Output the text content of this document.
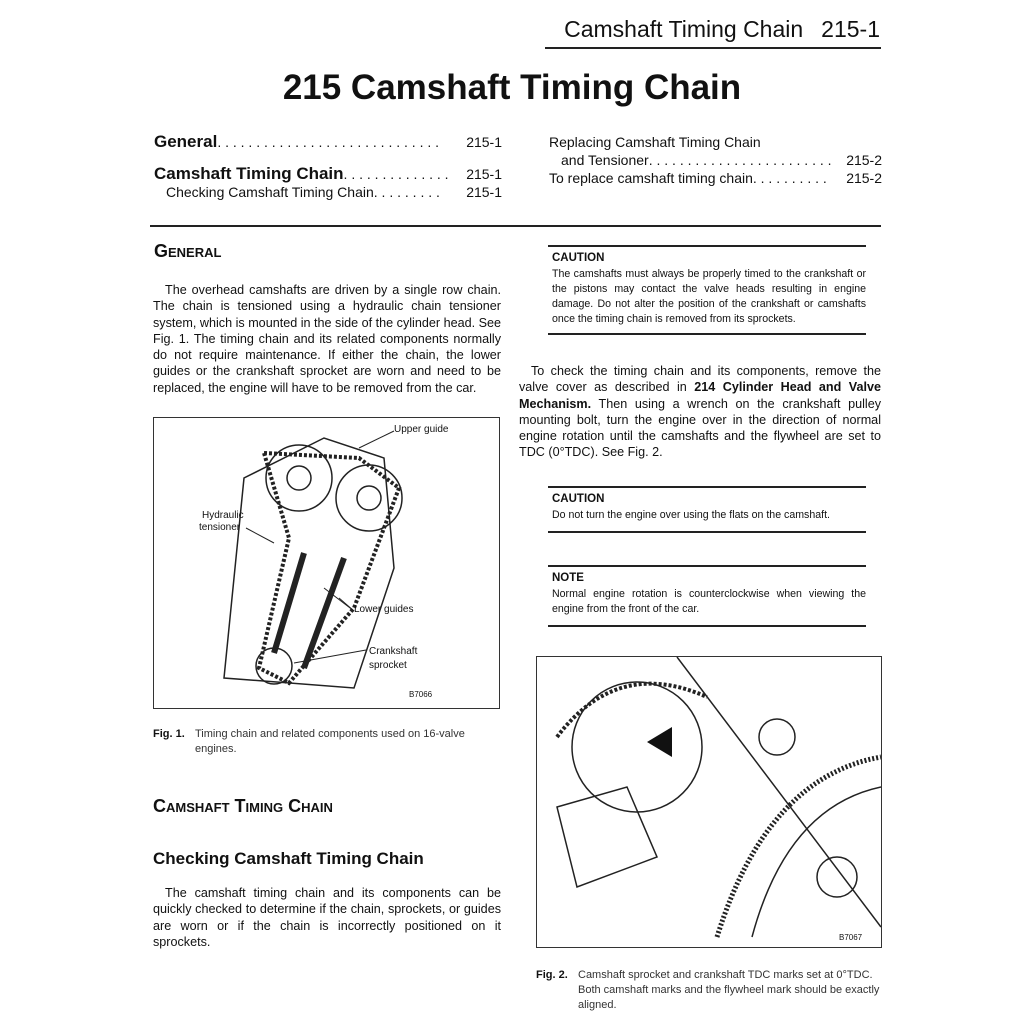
Camshaft Timing Chain 215-1
215 Camshaft Timing Chain
General . . . . . . . . . . . . . . . . . . . . . . . . . . . . .	215-1
Camshaft Timing Chain . . . . . . . . . . . . . .	215-1
Checking Camshaft Timing Chain . . . . . . . . .	215-1
Replacing Camshaft Timing Chain
and Tensioner . . . . . . . . . . . . . . . . . . . . . . . .	215-2
To replace camshaft timing chain . . . . . . . . . .	215-2
General
The overhead camshafts are driven by a single row chain. The chain is tensioned using a hydraulic chain tensioner system, which is mounted in the side of the cylinder head. See Fig. 1. The timing chain and its related components normally do not require maintenance. If either the chain, the lower guides or the crankshaft sprocket are worn and need to be replaced, the engine will have to be removed from the car.
Upper guide
Hydraulic
tensioner
Lower guides
Crankshaft
sprocket
B7066
Fig. 1. Timing chain and related components used on 16-valve engines.
Camshaft Timing Chain
Checking Camshaft Timing Chain
The camshaft timing chain and its components can be quickly checked to determine if the chain, sprockets, or guides are worn or if the chain is incorrectly positioned on it sprockets.
CAUTION
The camshafts must always be properly timed to the crankshaft or the pistons may contact the valve heads resulting in engine damage. Do not alter the position of the crankshaft or camshafts once the timing chain is removed from its sprockets.
To check the timing chain and its components, remove the valve cover as described in 214 Cylinder Head and Valve Mechanism. Then using a wrench on the crankshaft pulley mounting bolt, turn the engine over in the direction of normal engine rotation until the camshafts and the flywheel are set to TDC (0°TDC). See Fig. 2.
CAUTION
Do not turn the engine over using the flats on the camshaft.
NOTE
Normal engine rotation is counterclockwise when viewing the engine from the front of the car.
B7067
Fig. 2. Camshaft sprocket and crankshaft TDC marks set at 0°TDC. Both camshaft marks and the flywheel mark should be exactly aligned.
